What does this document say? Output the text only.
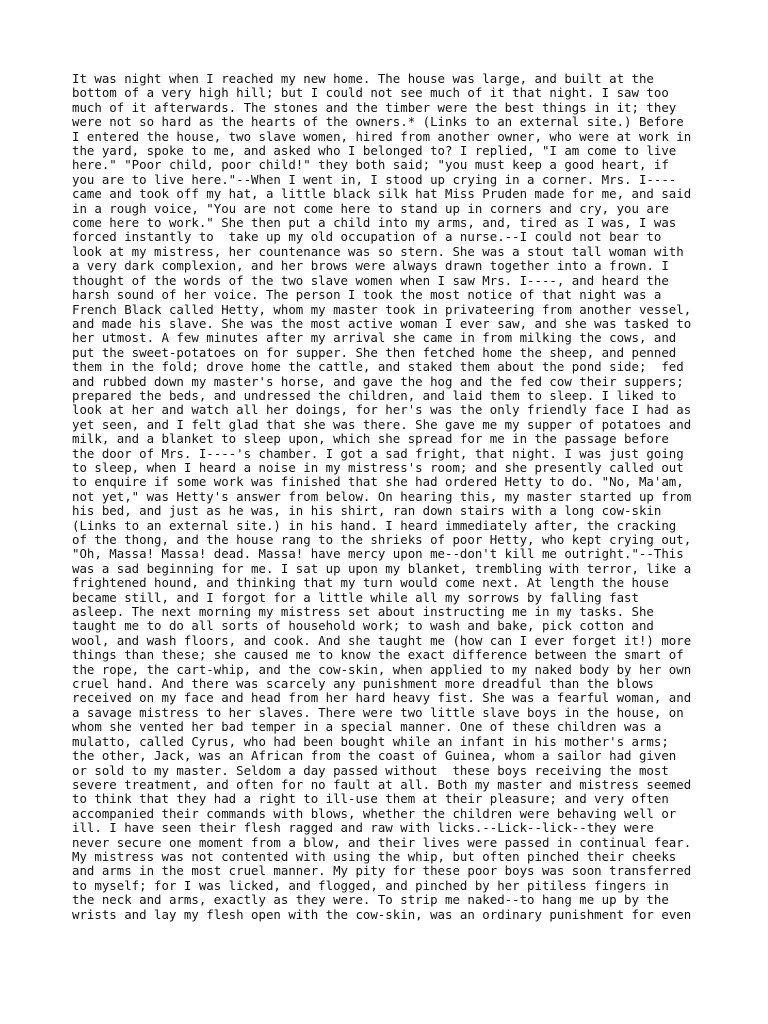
It was night when I reached my new home. The house was large, and built at the
bottom of a very high hill; but I could not see much of it that night. I saw too
much of it afterwards. The stones and the timber were the best things in it; they
were not so hard as the hearts of the owners.* (Links to an external site.) Before
I entered the house, two slave women, hired from another owner, who were at work in
the yard, spoke to me, and asked who I belonged to? I replied, "I am come to live
here." "Poor child, poor child!" they both said; "you must keep a good heart, if
you are to live here."--When I went in, I stood up crying in a corner. Mrs. I----
came and took off my hat, a little black silk hat Miss Pruden made for me, and said
in a rough voice, "You are not come here to stand up in corners and cry, you are
come here to work." She then put a child into my arms, and, tired as I was, I was
forced instantly to  take up my old occupation of a nurse.--I could not bear to
look at my mistress, her countenance was so stern. She was a stout tall woman with
a very dark complexion, and her brows were always drawn together into a frown. I
thought of the words of the two slave women when I saw Mrs. I----, and heard the
harsh sound of her voice. The person I took the most notice of that night was a
French Black called Hetty, whom my master took in privateering from another vessel,
and made his slave. She was the most active woman I ever saw, and she was tasked to
her utmost. A few minutes after my arrival she came in from milking the cows, and
put the sweet-potatoes on for supper. She then fetched home the sheep, and penned
them in the fold; drove home the cattle, and staked them about the pond side;  fed
and rubbed down my master's horse, and gave the hog and the fed cow their suppers;
prepared the beds, and undressed the children, and laid them to sleep. I liked to
look at her and watch all her doings, for her's was the only friendly face I had as
yet seen, and I felt glad that she was there. She gave me my supper of potatoes and
milk, and a blanket to sleep upon, which she spread for me in the passage before
the door of Mrs. I----'s chamber. I got a sad fright, that night. I was just going
to sleep, when I heard a noise in my mistress's room; and she presently called out
to enquire if some work was finished that she had ordered Hetty to do. "No, Ma'am,
not yet," was Hetty's answer from below. On hearing this, my master started up from
his bed, and just as he was, in his shirt, ran down stairs with a long cow-skin
(Links to an external site.) in his hand. I heard immediately after, the cracking
of the thong, and the house rang to the shrieks of poor Hetty, who kept crying out,
"Oh, Massa! Massa! dead. Massa! have mercy upon me--don't kill me outright."--This
was a sad beginning for me. I sat up upon my blanket, trembling with terror, like a
frightened hound, and thinking that my turn would come next. At length the house
became still, and I forgot for a little while all my sorrows by falling fast
asleep. The next morning my mistress set about instructing me in my tasks. She
taught me to do all sorts of household work; to wash and bake, pick cotton and
wool, and wash floors, and cook. And she taught me (how can I ever forget it!) more
things than these; she caused me to know the exact difference between the smart of
the rope, the cart-whip, and the cow-skin, when applied to my naked body by her own
cruel hand. And there was scarcely any punishment more dreadful than the blows
received on my face and head from her hard heavy fist. She was a fearful woman, and
a savage mistress to her slaves. There were two little slave boys in the house, on
whom she vented her bad temper in a special manner. One of these children was a
mulatto, called Cyrus, who had been bought while an infant in his mother's arms;
the other, Jack, was an African from the coast of Guinea, whom a sailor had given
or sold to my master. Seldom a day passed without  these boys receiving the most
severe treatment, and often for no fault at all. Both my master and mistress seemed
to think that they had a right to ill-use them at their pleasure; and very often
accompanied their commands with blows, whether the children were behaving well or
ill. I have seen their flesh ragged and raw with licks.--Lick--lick--they were
never secure one moment from a blow, and their lives were passed in continual fear.
My mistress was not contented with using the whip, but often pinched their cheeks
and arms in the most cruel manner. My pity for these poor boys was soon transferred
to myself; for I was licked, and flogged, and pinched by her pitiless fingers in
the neck and arms, exactly as they were. To strip me naked--to hang me up by the
wrists and lay my flesh open with the cow-skin, was an ordinary punishment for even
